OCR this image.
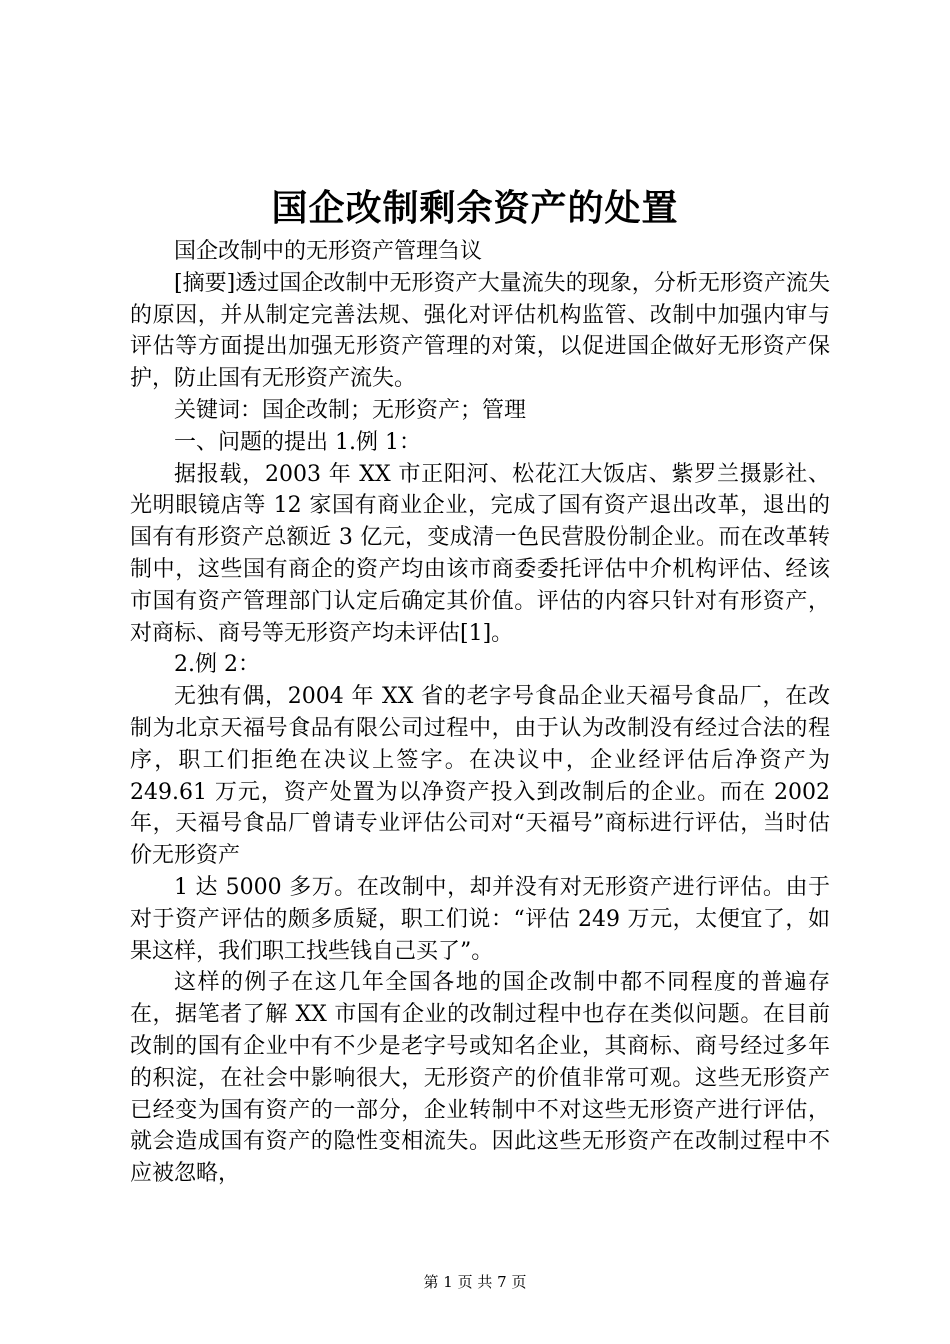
国企改制剩余资产的处置

国企改制中的无形资产管理刍议

[摘要]透过国企改制中无形资产大量流失的现象，分析无形资产流失的原因，并从制定完善法规、强化对评估机构监管、改制中加强内审与评估等方面提出加强无形资产管理的对策，以促进国企做好无形资产保护，防止国有无形资产流失。

关键词：国企改制；无形资产；管理

一、问题的提出 1.例 1：

据报载，2003 年 XX 市正阳河、松花江大饭店、紫罗兰摄影社、光明眼镜店等 12 家国有商业企业，完成了国有资产退出改革，退出的国有有形资产总额近 3 亿元，变成清一色民营股份制企业。而在改革转制中，这些国有商企的资产均由该市商委委托评估中介机构评估、经该市国有资产管理部门认定后确定其价值。评估的内容只针对有形资产，对商标、商号等无形资产均未评估[1]。

2.例 2：

无独有偶，2004 年 XX 省的老字号食品企业天福号食品厂，在改制为北京天福号食品有限公司过程中，由于认为改制没有经过合法的程序，职工们拒绝在决议上签字。在决议中，企业经评估后净资产为 249.61 万元，资产处置为以净资产投入到改制后的企业。而在 2002 年，天福号食品厂曾请专业评估公司对“天福号”商标进行评估，当时估价无形资产

1 达 5000 多万。在改制中，却并没有对无形资产进行评估。由于对于资产评估的颇多质疑，职工们说：“评估 249 万元，太便宜了，如果这样，我们职工找些钱自己买了”。

这样的例子在这几年全国各地的国企改制中都不同程度的普遍存在，据笔者了解 XX 市国有企业的改制过程中也存在类似问题。在目前改制的国有企业中有不少是老字号或知名企业，其商标、商号经过多年的积淀，在社会中影响很大，无形资产的价值非常可观。这些无形资产已经变为国有资产的一部分，企业转制中不对这些无形资产进行评估，就会造成国有资产的隐性变相流失。因此这些无形资产在改制过程中不应被忽略，

第 1 页 共 7 页
